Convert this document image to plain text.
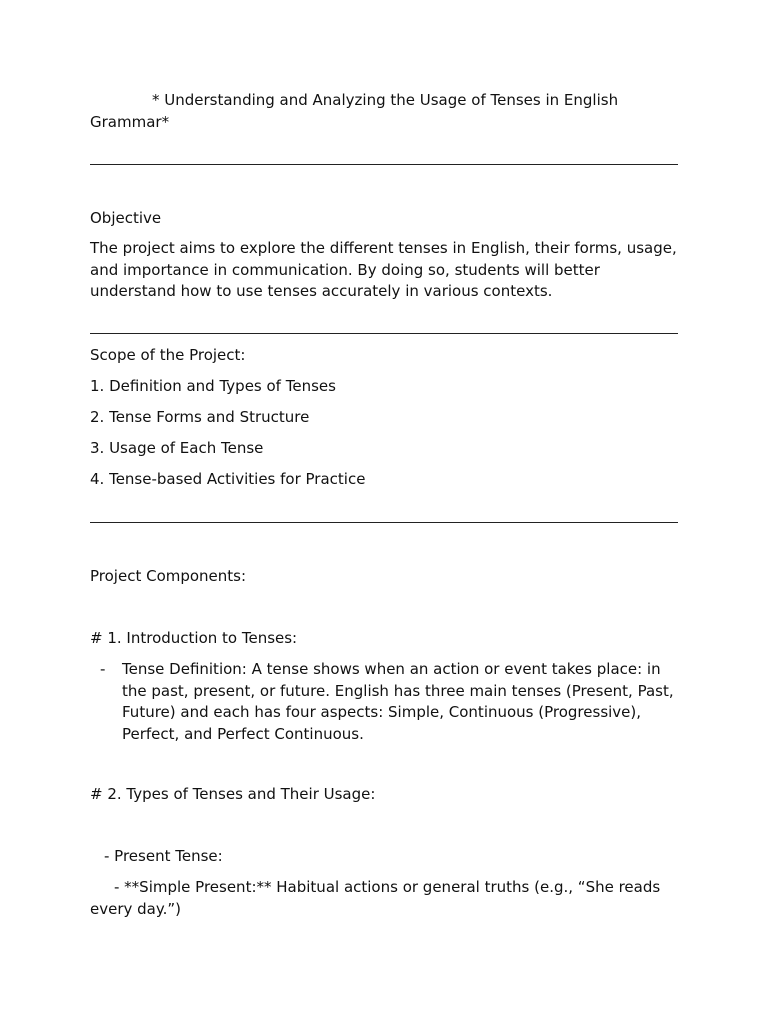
* Understanding and Analyzing the Usage of Tenses in English Grammar*

Objective

The project aims to explore the different tenses in English, their forms, usage, and importance in communication. By doing so, students will better understand how to use tenses accurately in various contexts.

Scope of the Project:

1. Definition and Types of Tenses

2. Tense Forms and Structure

3. Usage of Each Tense

4. Tense-based Activities for Practice

Project Components:

# 1. Introduction to Tenses:

- Tense Definition: A tense shows when an action or event takes place: in the past, present, or future. English has three main tenses (Present, Past, Future) and each has four aspects: Simple, Continuous (Progressive), Perfect, and Perfect Continuous.

# 2. Types of Tenses and Their Usage:

- Present Tense:

- **Simple Present:** Habitual actions or general truths (e.g., “She reads every day.”)
